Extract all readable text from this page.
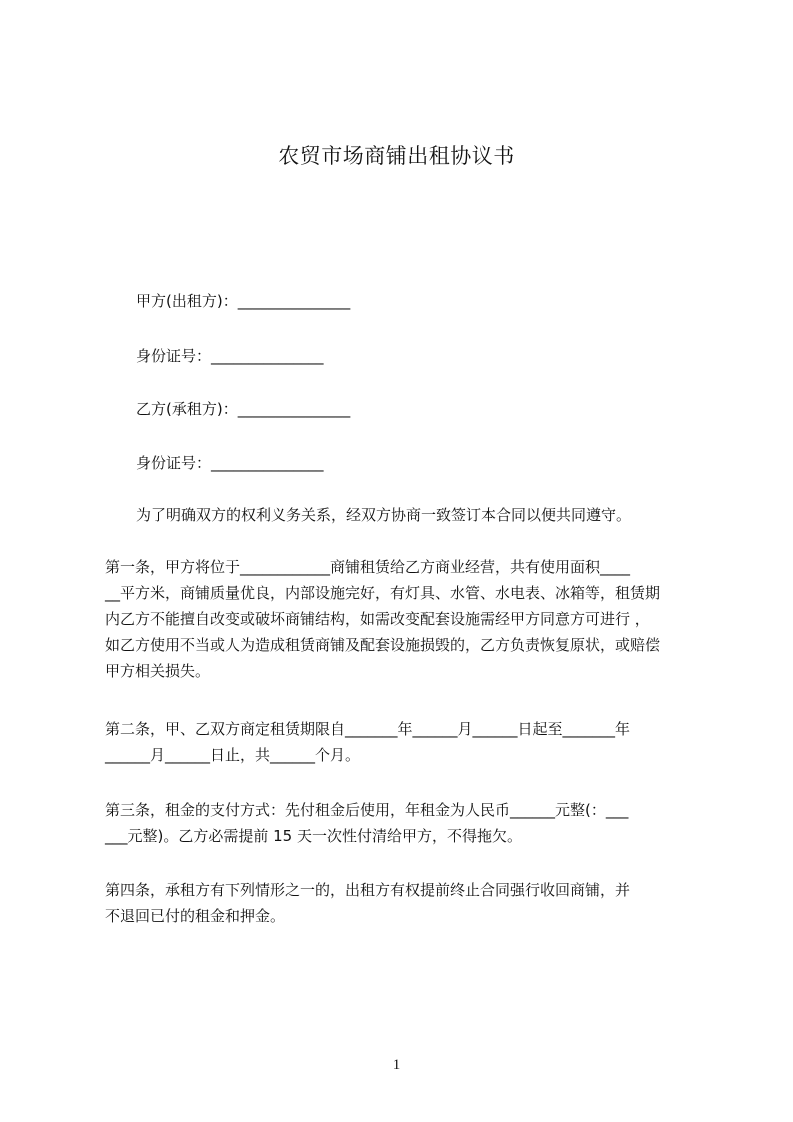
农贸市场商铺出租协议书
甲方(出租方)：_______________
身份证号：_______________
乙方(承租方)：_______________
身份证号：_______________
为了明确双方的权利义务关系，经双方协商一致签订本合同以便共同遵守。
第一条，甲方将位于____________商铺租赁给乙方商业经营，共有使用面积____
__平方米，商铺质量优良，内部设施完好，有灯具、水管、水电表、冰箱等，租赁期
内乙方不能擅自改变或破坏商铺结构，如需改变配套设施需经甲方同意方可进行 ，
如乙方使用不当或人为造成租赁商铺及配套设施损毁的，乙方负责恢复原状，或赔偿
甲方相关损失。
第二条，甲、乙双方商定租赁期限自_______年______月______日起至_______年
______月______日止，共______个月。
第三条，租金的支付方式：先付租金后使用，年租金为人民币______元整(：___
___元整)。乙方必需提前 15 天一次性付清给甲方，不得拖欠。
第四条，承租方有下列情形之一的，出租方有权提前终止合同强行收回商铺，并
不退回已付的租金和押金。
1
